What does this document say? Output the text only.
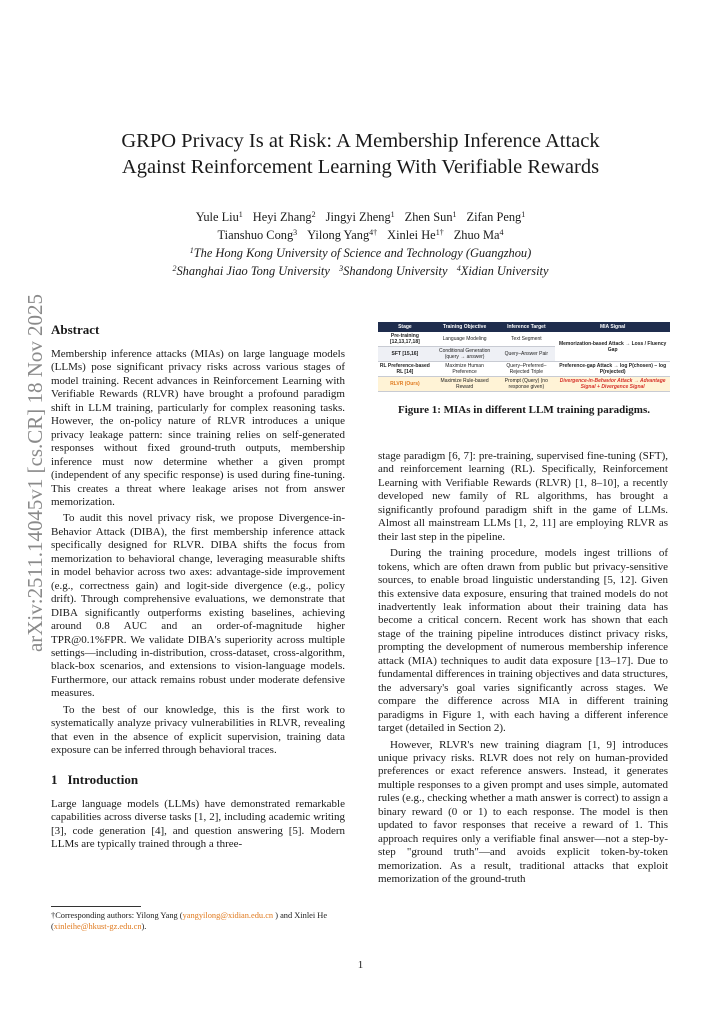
arXiv:2511.14045v1 [cs.CR] 18 Nov 2025
GRPO Privacy Is at Risk: A Membership Inference Attack
Against Reinforcement Learning With Verifiable Rewards
Yule Liu$^1$ Heyi Zhang$^2$ Jingyi Zheng$^1$ Zhen Sun$^1$ Zifan Peng$^1$
Tianshuo Cong$^3$ Yilong Yang$^{4\dagger}$ Xinlei $He^{1\dagger}$ Zhuo Ma$^4$
$^1$The Hong Kong University of Science and Technology (Guangzhou)
$^2$Shanghai Jiao Tong University $^3$Shandong University $^4$Xidian University
Abstract

Membership inference attacks (MIAs) on large language models (LLMs) pose significant privacy risks across various stages of model training. Recent advances in Reinforcement Learning with Verifiable Rewards (RLVR) have brought a profound paradigm shift in LLM training, particularly for complex reasoning tasks. However, the on-policy nature of RLVR introduces a unique privacy leakage pattern: since training relies on self-generated responses without fixed ground-truth outputs, membership inference must now determine whether a given prompt (independent of any specific response) is used during fine-tuning. This creates a threat where leakage arises not from answer memorization.

To audit this novel privacy risk, we propose Divergence-in-Behavior Attack (DIBA), the first membership inference attack specifically designed for RLVR. DIBA shifts the focus from memorization to behavioral change, leveraging measurable shifts in model behavior across two axes: advantage-side improvement (e.g., correctness gain) and logit-side divergence (e.g., policy drift). Through comprehensive evaluations, we demonstrate that DIBA significantly outperforms existing baselines, achieving around 0.8 AUC and an order-of-magnitude higher TPR@0.1%FPR. We validate DIBA's superiority across multiple settings—including in-distribution, cross-dataset, cross-algorithm, black-box scenarios, and extensions to vision-language models. Furthermore, our attack remains robust under moderate defensive measures.

To the best of our knowledge, this is the first work to systematically analyze privacy vulnerabilities in RLVR, revealing that even in the absence of explicit supervision, training data exposure can be inferred through behavioral traces.

1 Introduction

Large language models (LLMs) have demonstrated remarkable capabilities across diverse tasks [1, 2], including academic writing [3], code generation [4], and question answering [5]. Modern LLMs are typically trained through a three-

†Corresponding authors: Yilong Yang (yangyilong@xidian.edu.cn ) and Xinlei He (xinleihe@hkust-gz.edu.cn).
Stage	Training Objective	Inference Target	MIA Signal
Pre-training [12,13,17,18]	Language Modeling	Text Segment	Memorization-based Attack → Loss / Fluency Gap
SFT [15,16]	Conditional Generation (query → answer)	Query–Answer Pair	
RL Preference-based RL [14]	Maximize Human Preference	Query–Preferred–Rejected Triple	Preference-gap Attack → log P(chosen) − log P(rejected)
RLVR (Ours)	Maximize Rule-based Reward	Prompt (Query) (no response given)	Divergence-in-Behavior Attack → Advantage Signal + Divergence Signal
Figure 1: MIAs in different LLM training paradigms.

stage paradigm [6, 7]: pre-training, supervised fine-tuning (SFT), and reinforcement learning (RL). Specifically, Reinforcement Learning with Verifiable Rewards (RLVR) [1, 8–10], a recently developed new family of RL algorithms, has brought a significantly profound paradigm shift in the game of LLMs. Almost all mainstream LLMs [1, 2, 11] are employing RLVR as their last step in the pipeline.

During the training procedure, models ingest trillions of tokens, which are often drawn from public but privacy-sensitive sources, to enable broad linguistic understanding [5, 12]. Given this extensive data exposure, ensuring that trained models do not inadvertently leak information about their training data has become a critical concern. Recent work has shown that each stage of the training pipeline introduces distinct privacy risks, prompting the development of numerous membership inference attack (MIA) techniques to audit data exposure [13–17]. Due to fundamental differences in training objectives and data structures, the adversary's goal varies significantly across stages. We compare the difference across MIA in different training paradigms in Figure 1, with each having a different inference target (detailed in Section 2).

However, RLVR's new training diagram [1, 9] introduces unique privacy risks. RLVR does not rely on human-provided preferences or exact reference answers. Instead, it generates multiple responses to a given prompt and uses simple, automated rules (e.g., checking whether a math answer is correct) to assign a binary reward (0 or 1) to each response. The model is then updated to favor responses that receive a reward of 1. This approach requires only a verifiable final answer—not a step-by-step "ground truth"—and avoids explicit token-by-token memorization. As a result, traditional attacks that exploit memorization of the ground-truth

1
